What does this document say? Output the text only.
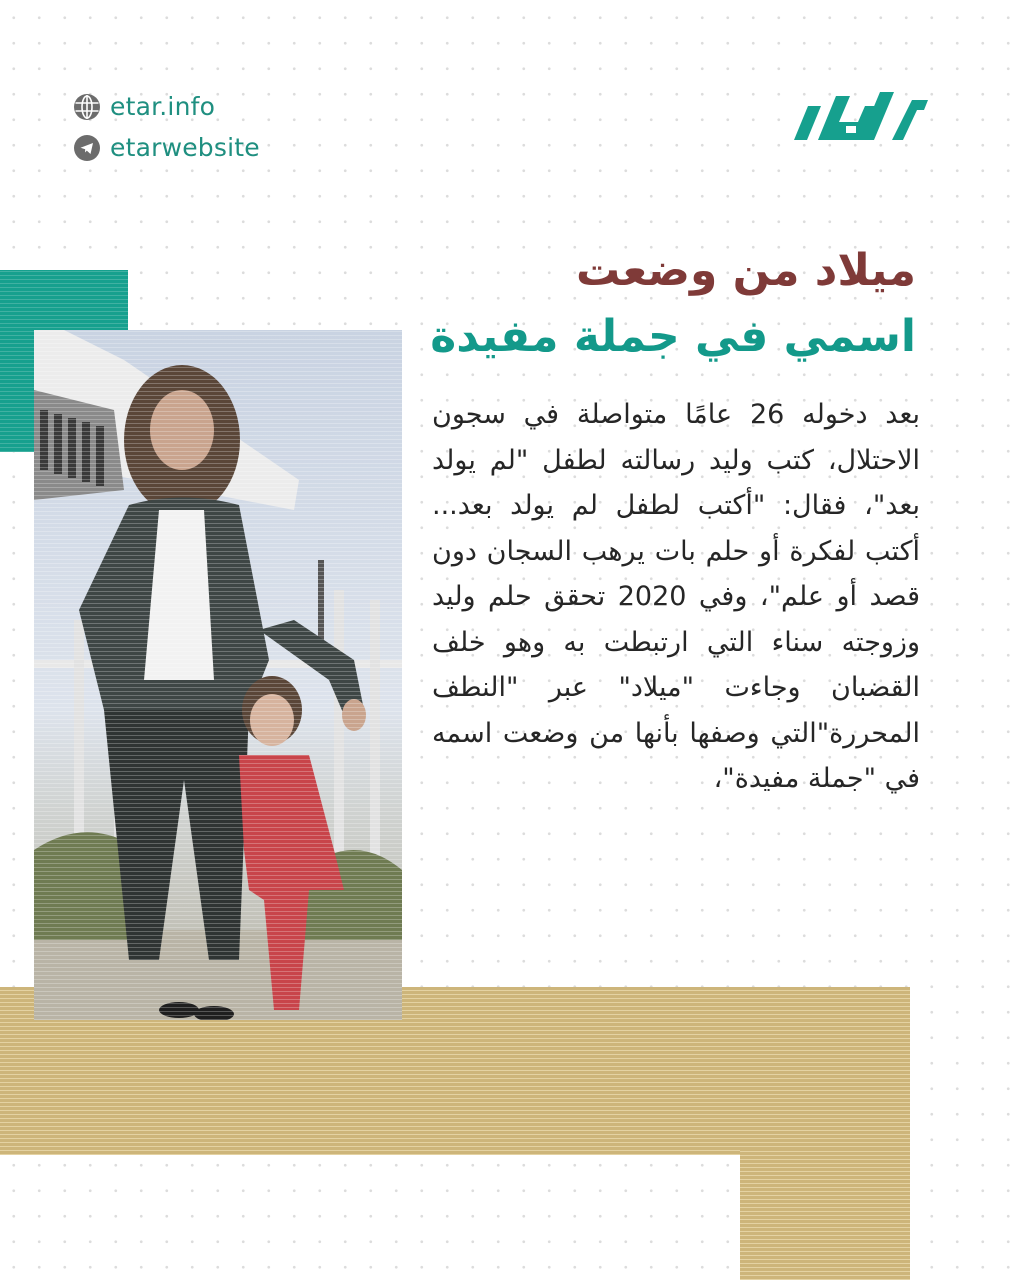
etar.info
etarwebsite
ميلاد من وضعت
اسمي في جملة مفيدة
بعد دخوله 26 عامًا متواصلة في سجون الاحتلال، كتب وليد رسالته لطفل "لم يولد بعد"، فقال: "أكتب لطفل لم يولد بعد... أكتب لفكرة أو حلم بات يرهب السجان دون قصد أو علم"، وفي 2020 تحقق حلم وليد وزوجته سناء التي ارتبطت به وهو خلف القضبان وجاءت "ميلاد" عبر "النطف المحررة"التي وصفها بأنها من وضعت اسمه في "جملة مفيدة"،
